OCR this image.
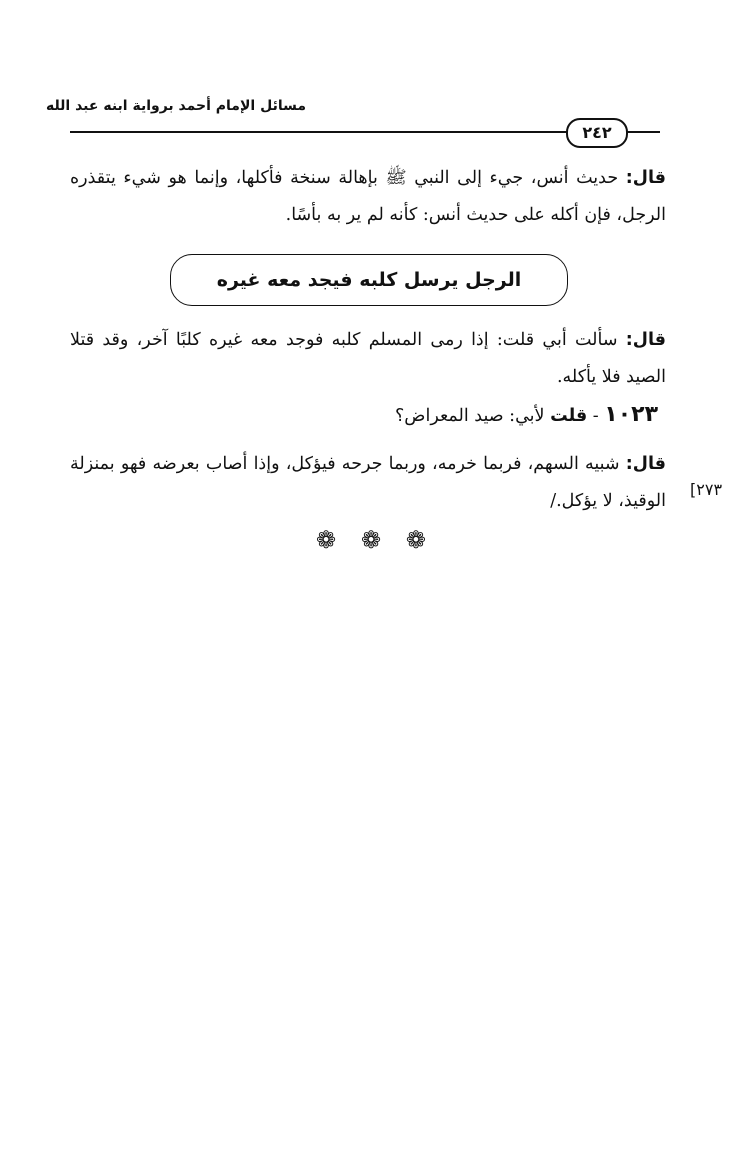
مسائل الإمام أحمد برواية ابنه عبد الله
٢٤٢

قال: حديث أنس، جيء إلى النبي ﷺ بإهالة سنخة فأكلها، وإنما هو شيء يتقذره الرجل، فإن أكله على حديث أنس: كأنه لم ير به بأسًا.

الرجل يرسل كلبه فيجد معه غيره

قال: سألت أبي قلت: إذا رمى المسلم كلبه فوجد معه غيره كلبًا آخر، وقد قتلا الصيد فلا يأكله.

١٠٢٣ - قلت لأبي: صيد المعراض؟

قال: شبيه السهم، فربما خرمه، وربما جرحه فيؤكل، وإذا أصاب بعرضه فهو بمنزلة الوقيذ، لا يؤكل./

[٢٧٣
❁ ❁ ❁
